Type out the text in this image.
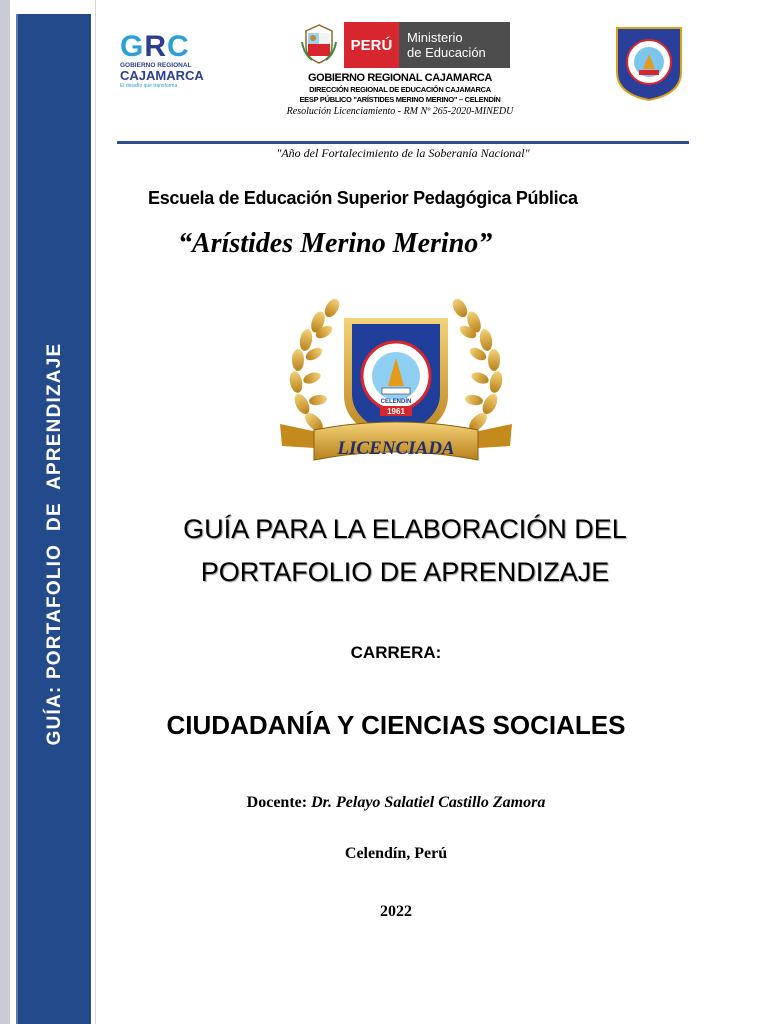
GUÍA: PORTAFOLIO  DE  APRENDIZAJE
GRC
GOBIERNO REGIONAL
CAJAMARCA
El desafío que transforma
PERÚ	Ministerio
de Educación
GOBIERNO REGIONAL CAJAMARCA
DIRECCIÓN REGIONAL DE EDUCACIÓN CAJAMARCA
EESP PÚBLICO "ARÍSTIDES MERINO MERINO" – CELENDÍN
Resolución Licenciamiento - RM Nº 265-2020-MINEDU
"Año del Fortalecimiento de la Soberanía Nacional"
Escuela de Educación Superior Pedagógica Pública
“Arístides Merino Merino”
1961
CELENDÍN
LICENCIADA
GUÍA PARA LA ELABORACIÓN DEL
PORTAFOLIO DE APRENDIZAJE
CARRERA:
CIUDADANÍA Y CIENCIAS SOCIALES
Docente: Dr. Pelayo Salatiel Castillo Zamora
Celendín, Perú
2022
